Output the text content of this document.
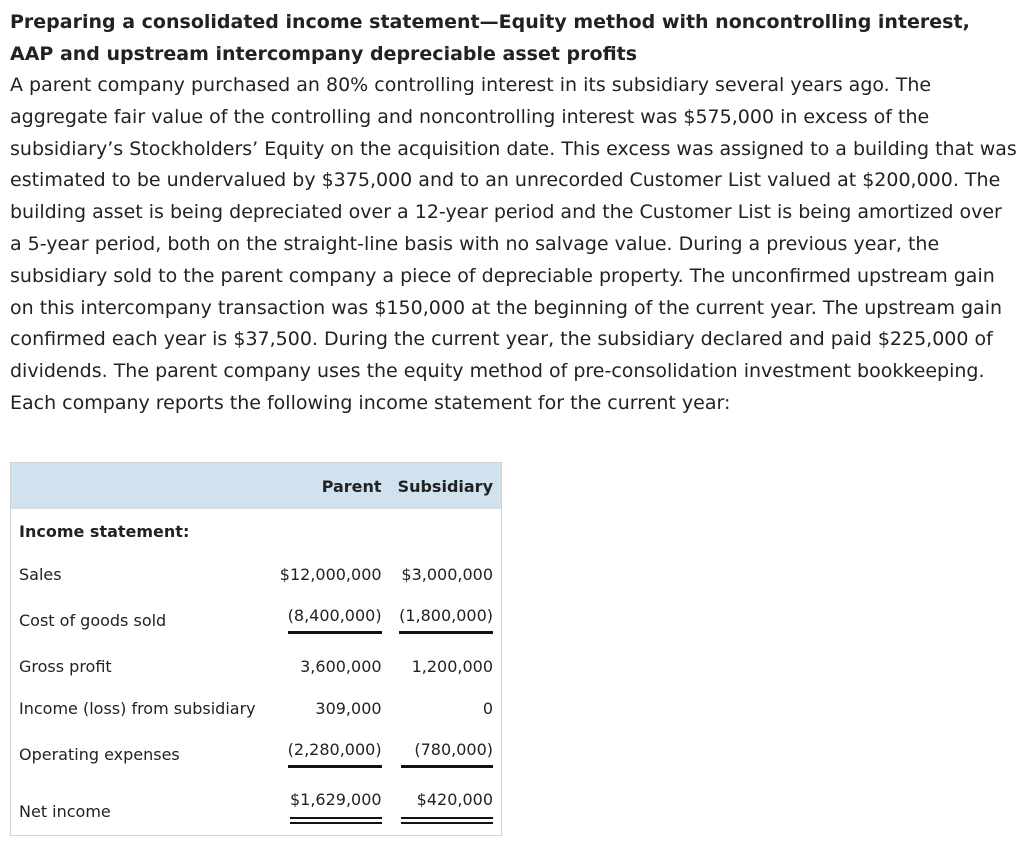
Preparing a consolidated income statement—Equity method with noncontrolling interest, AAP and upstream intercompany depreciable asset profits

A parent company purchased an 80% controlling interest in its subsidiary several years ago. The aggregate fair value of the controlling and noncontrolling interest was $575,000 in excess of the subsidiary’s Stockholders’ Equity on the acquisition date. This excess was assigned to a building that was estimated to be undervalued by $375,000 and to an unrecorded Customer List valued at $200,000. The building asset is being depreciated over a 12-year period and the Customer List is being amortized over a 5-year period, both on the straight-line basis with no salvage value. During a previous year, the subsidiary sold to the parent company a piece of depreciable property. The unconfirmed upstream gain on this intercompany transaction was $150,000 at the beginning of the current year. The upstream gain confirmed each year is $37,500. During the current year, the subsidiary declared and paid $225,000 of dividends. The parent company uses the equity method of pre-consolidation investment bookkeeping. Each company reports the following income statement for the current year:

	Parent	Subsidiary
Income statement:		
Sales	$12,000,000	$3,000,000
Cost of goods sold	(8,400,000)	(1,800,000)
Gross profit	3,600,000	1,200,000
Income (loss) from subsidiary	309,000	0
Operating expenses	(2,280,000)	(780,000)
Net income	$1,629,000	$420,000
